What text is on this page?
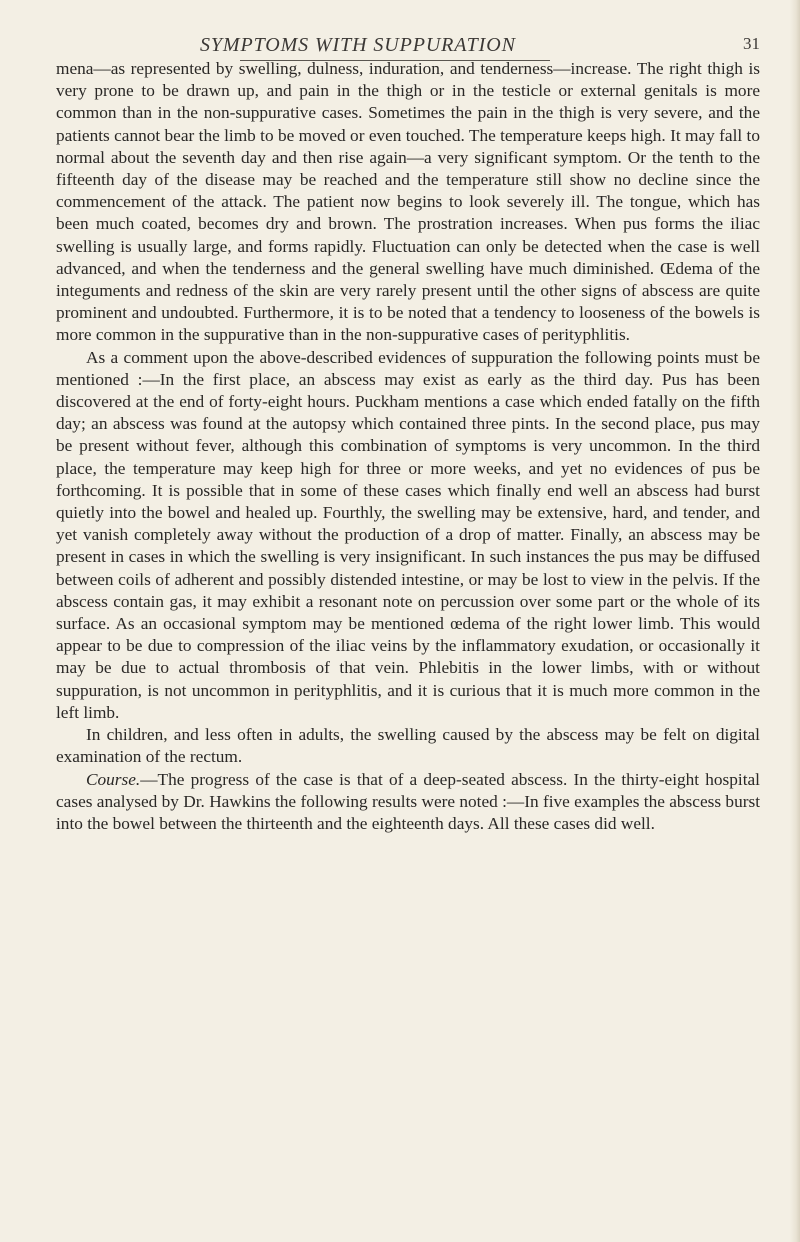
SYMPTOMS WITH SUPPURATION	31

mena—as represented by swelling, dulness, induration, and tenderness—increase. The right thigh is very prone to be drawn up, and pain in the thigh or in the testicle or external genitals is more common than in the non-suppurative cases. Sometimes the pain in the thigh is very severe, and the patients cannot bear the limb to be moved or even touched. The temperature keeps high. It may fall to normal about the seventh day and then rise again—a very significant symptom. Or the tenth to the fifteenth day of the disease may be reached and the temperature still show no decline since the commencement of the attack. The patient now begins to look severely ill. The tongue, which has been much coated, becomes dry and brown. The prostration increases. When pus forms the iliac swelling is usually large, and forms rapidly. Fluctuation can only be detected when the case is well advanced, and when the tenderness and the general swelling have much diminished. Œdema of the integuments and redness of the skin are very rarely present until the other signs of abscess are quite prominent and undoubted. Furthermore, it is to be noted that a tendency to looseness of the bowels is more common in the suppurative than in the non-suppurative cases of perityphlitis.

As a comment upon the above-described evidences of suppuration the following points must be mentioned :—In the first place, an abscess may exist as early as the third day. Pus has been discovered at the end of forty-eight hours. Puckham mentions a case which ended fatally on the fifth day; an abscess was found at the autopsy which contained three pints. In the second place, pus may be present without fever, although this combination of symptoms is very uncommon. In the third place, the temperature may keep high for three or more weeks, and yet no evidences of pus be forthcoming. It is possible that in some of these cases which finally end well an abscess had burst quietly into the bowel and healed up. Fourthly, the swelling may be extensive, hard, and tender, and yet vanish completely away without the production of a drop of matter. Finally, an abscess may be present in cases in which the swelling is very insignificant. In such instances the pus may be diffused between coils of adherent and possibly distended intestine, or may be lost to view in the pelvis. If the abscess contain gas, it may exhibit a resonant note on percussion over some part or the whole of its surface. As an occasional symptom may be mentioned œdema of the right lower limb. This would appear to be due to compression of the iliac veins by the inflammatory exudation, or occasionally it may be due to actual thrombosis of that vein. Phlebitis in the lower limbs, with or without suppuration, is not uncommon in perityphlitis, and it is curious that it is much more common in the left limb.

In children, and less often in adults, the swelling caused by the abscess may be felt on digital examination of the rectum.

Course.—The progress of the case is that of a deep-seated abscess. In the thirty-eight hospital cases analysed by Dr. Hawkins the following results were noted :—In five examples the abscess burst into the bowel between the thirteenth and the eighteenth days. All these cases did well.
